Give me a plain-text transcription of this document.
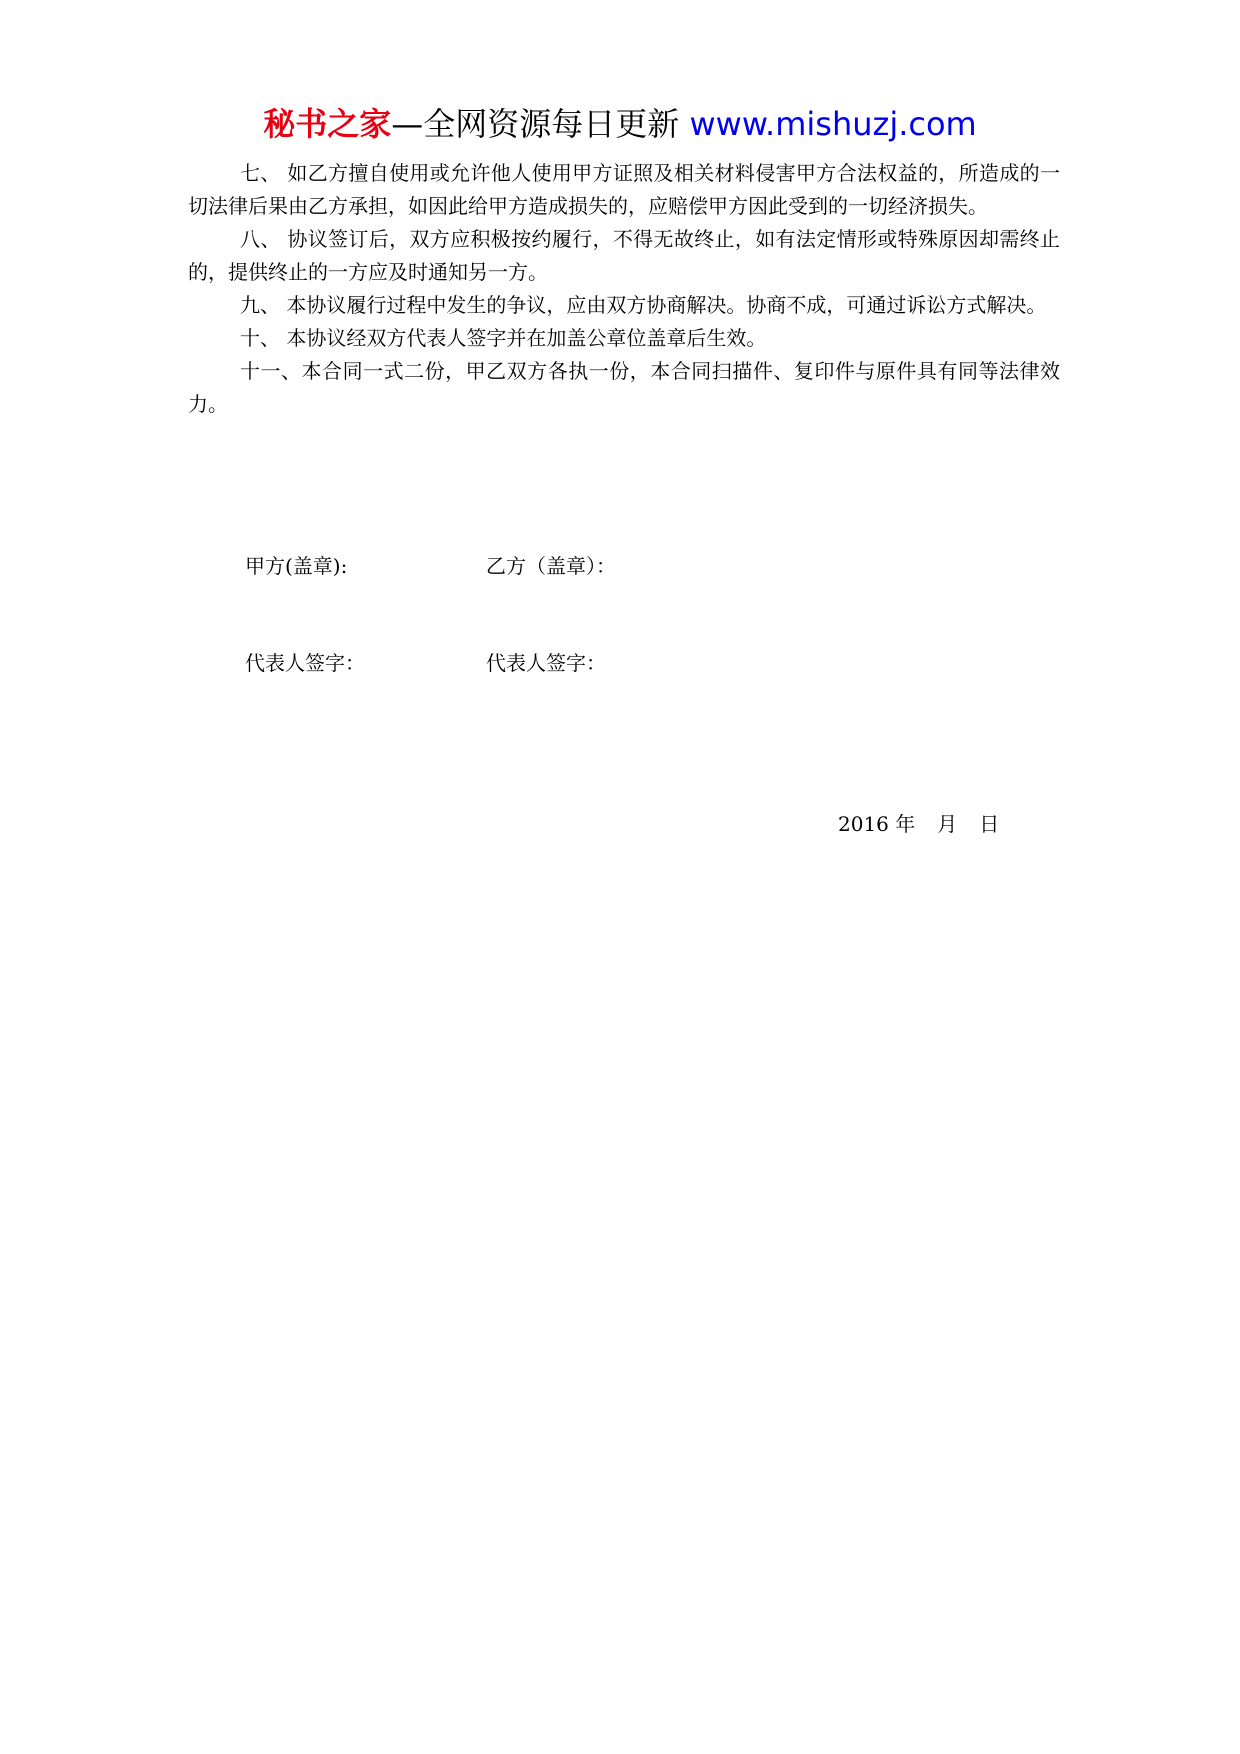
秘书之家—全网资源每日更新 www.mishuzj.com

七、 如乙方擅自使用或允许他人使用甲方证照及相关材料侵害甲方合法权益的，所造成的一切法律后果由乙方承担，如因此给甲方造成损失的，应赔偿甲方因此受到的一切经济损失。

八、 协议签订后，双方应积极按约履行，不得无故终止，如有法定情形或特殊原因却需终止的，提供终止的一方应及时通知另一方。

九、 本协议履行过程中发生的争议，应由双方协商解决。协商不成，可通过诉讼方式解决。

十、 本协议经双方代表人签字并在加盖公章位盖章后生效。

十一、本合同一式二份，甲乙双方各执一份，本合同扫描件、复印件与原件具有同等法律效力。

甲方(盖章):	乙方（盖章）：
代表人签字：	代表人签字：
2016 年 月 日
